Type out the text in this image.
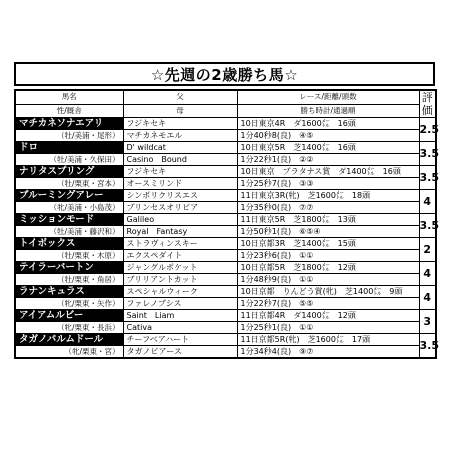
☆先週の2歳勝ち馬☆
馬名	父	レース/距離/頭数	評価
性/厩舎	母	勝ち時計/通過順	
マチカネソナエアリ	フジキセキ	10日東京4R　ダ1600㍍　16頭	2.5
（牡/美浦・尾形）	マチカネモエル	1分40秒8(良)　④⑤	
ドロ	D' wildcat	10日東京5R　芝1400㍍　16頭	3.5
（牡/美浦・久保田）	Casino　Bound	1分22秒1(良)　②②	
ナリタスプリング	フジキセキ	10日東京　プラタナス賞　ダ1400㍍　16頭	3.5
（牡/栗東・宮本）	オースミリンド	1分25秒7(良)　③③	
ブルーミングアレー	シンボリクリスエス	11日東京3R(牝)　芝1600㍍　18頭	4
（牝/美浦・小島茂）	プリンセスオリビア	1分35秒0(良)　⑦⑦	
ミッションモード	Galileo	11日東京5R　芝1800㍍　13頭	3.5
（牡/美浦・藤沢和）	Royal　Fantasy	1分50秒1(良)　⑥⑤④	
トイボックス	ストラヴィンスキー	10日京都3R　芝1400㍍　15頭	2
（牡/栗東・木原）	エクスペダイト	1分23秒6(良)　①①	
テイラーバートン	ジャングルポケット	10日京都5R　芝1800㍍　12頭	4
（牡/栗東・角居）	ブリリアントカット	1分48秒9(良)　①①	
ラナンキュラス	スペシャルウィーク	10日京都　りんどう賞(牝)　芝1400㍍　9頭	4
（牝/栗東・矢作）	ファレノプシス	1分22秒7(良)　⑤⑤	
アイアムルビー	Saint　Liam	11日京都4R　ダ1400㍍　12頭	3
（牝/栗東・長浜）	Cativa	1分25秒1(良)　①①	
タガノパルムドール	チーフベアハート	11日京都5R(牝)　芝1600㍍　17頭	3.5
（牝/栗東・宮）	タガノビアース	1分34秒4(良)　⑨⑦	
